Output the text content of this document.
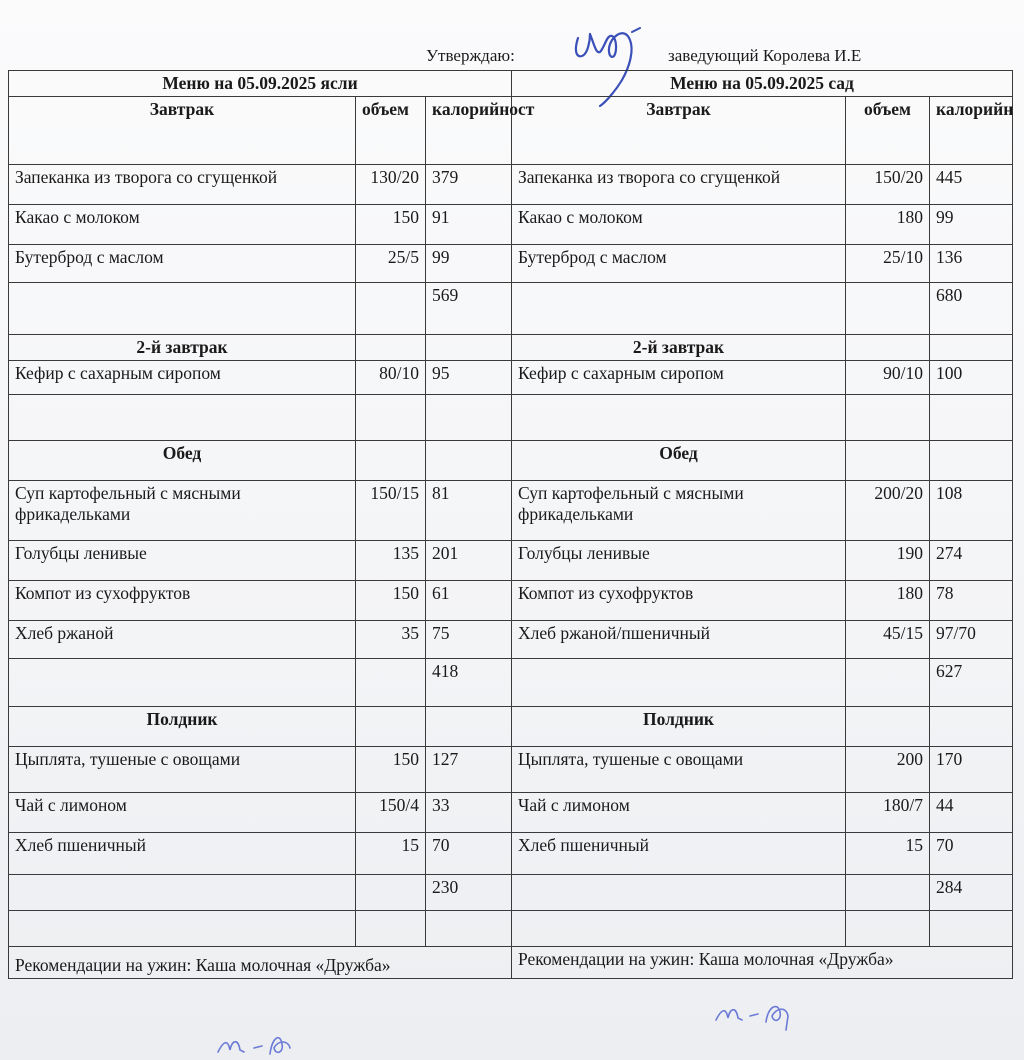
Утверждаю:	заведующий Королева И.Е
Меню на 05.09.2025 ясли			Меню на 05.09.2025 сад		
Завтрак	объем	калорийност	Завтрак	объем	калорийн
Запеканка из творога со сгущенкой	130/20	379	Запеканка из творога со сгущенкой	150/20	445
Какао с молоком	150	91	Какао с молоком	180	99
Бутерброд с маслом	25/5	99	Бутерброд с маслом	25/10	136
		569			680
2-й завтрак			2-й завтрак		
Кефир с сахарным сиропом	80/10	95	Кефир с сахарным сиропом	90/10	100

Обед			Обед		
Суп картофельный с мясными фрикадельками	150/15	81	Суп картофельный с мясными фрикадельками	200/20	108
Голубцы ленивые	135	201	Голубцы ленивые	190	274
Компот из сухофруктов	150	61	Компот из сухофруктов	180	78
Хлеб ржаной	35	75	Хлеб ржаной/пшеничный	45/15	97/70
		418			627
Полдник			Полдник		
Цыплята, тушеные с овощами	150	127	Цыплята, тушеные с овощами	200	170
Чай с лимоном	150/4	33	Чай с лимоном	180/7	44
Хлеб пшеничный	15	70	Хлеб пшеничный	15	70
		230			284

Рекомендации на ужин: Каша молочная «Дружба»			Рекомендации на ужин: Каша молочная «Дружба»		
